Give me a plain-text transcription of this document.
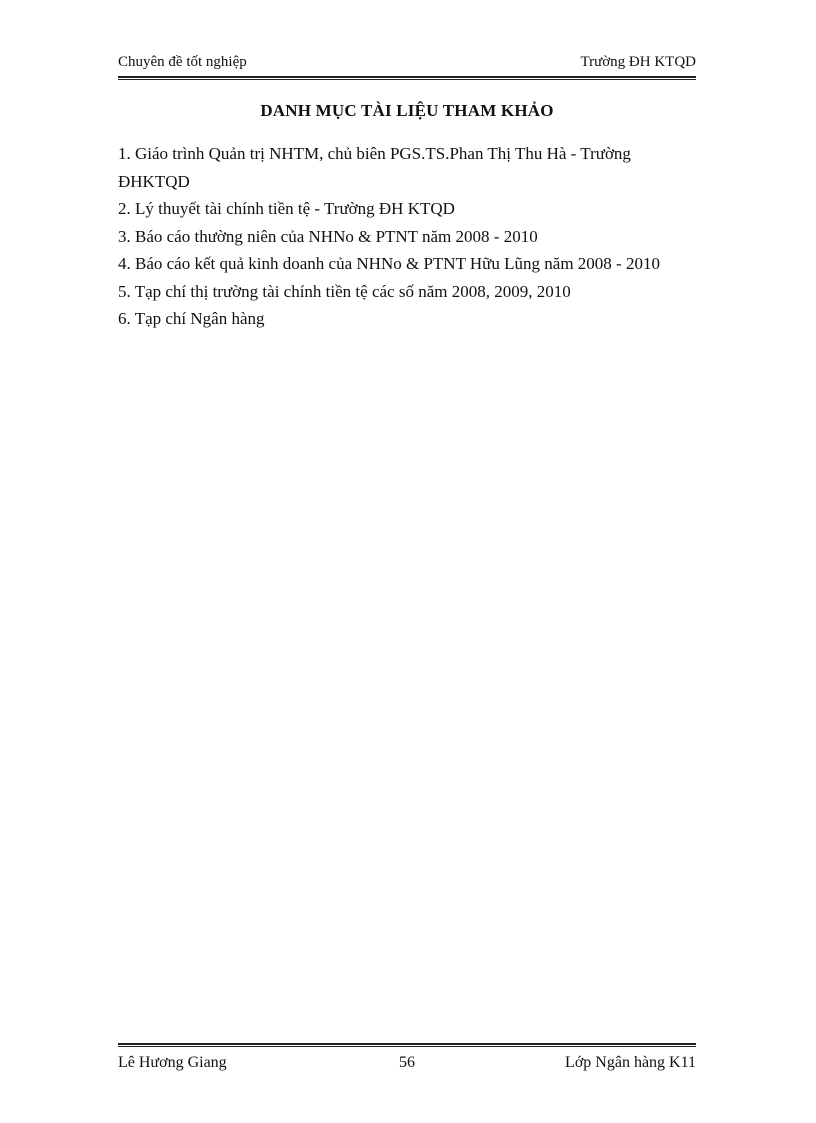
Chuyên đề tốt nghiệp	Trường ĐH KTQD
DANH MỤC TÀI LIỆU THAM KHẢO
1. Giáo trình Quản trị NHTM, chủ biên PGS.TS.Phan Thị Thu Hà - Trường ĐHKTQD
2. Lý thuyết tài chính tiền tệ - Trường ĐH KTQD
3. Báo cáo thường niên của NHNo & PTNT năm 2008 - 2010
4. Báo cáo kết quả kinh doanh của NHNo & PTNT Hữu Lũng năm 2008 - 2010
5. Tạp chí thị trường tài chính tiền tệ các số năm 2008, 2009, 2010
6. Tạp chí Ngân hàng
Lê Hương Giang	56	Lớp Ngân hàng K11
